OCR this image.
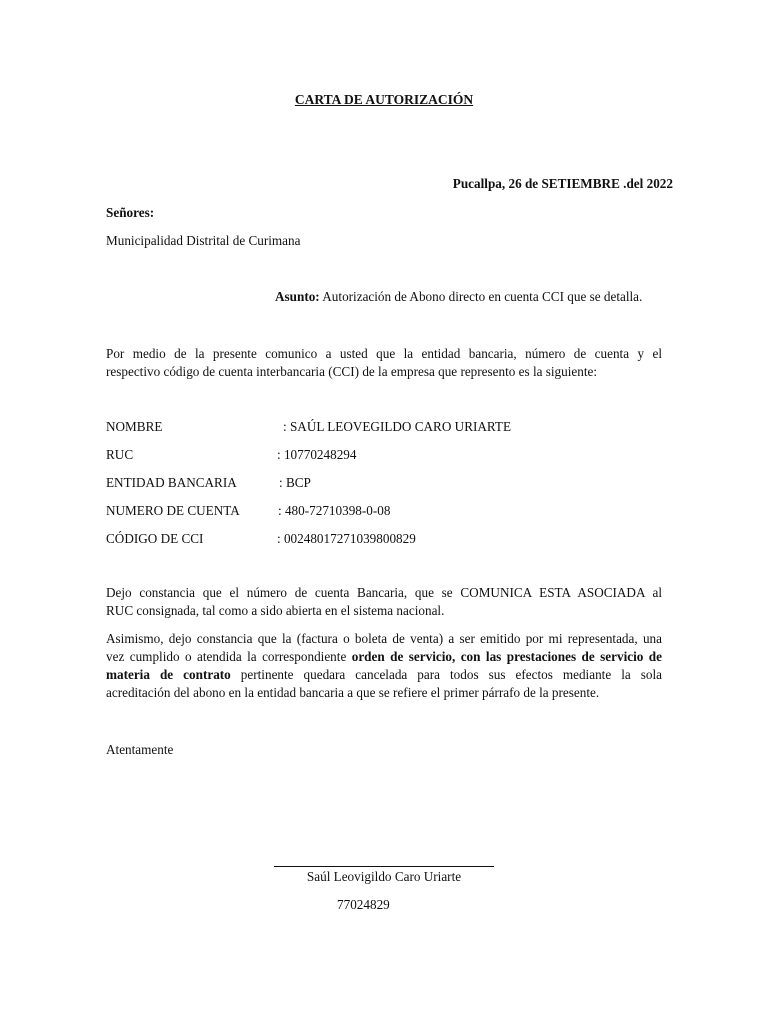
CARTA DE AUTORIZACIÓN
Pucallpa, 26 de SETIEMBRE .del 2022
Señores:
Municipalidad Distrital de Curimana
Asunto: Autorización de Abono directo en cuenta CCI que se detalla.
Por medio de la presente comunico a usted que la entidad bancaria, número de cuenta y el
respectivo código de cuenta interbancaria (CCI) de la empresa que represento es la siguiente:
NOMBRE	: SAÚL LEOVEGILDO CARO URIARTE
RUC	: 10770248294
ENTIDAD BANCARIA	: BCP
NUMERO DE CUENTA	: 480-72710398-0-08
CÓDIGO DE CCI	: 00248017271039800829
Dejo constancia que el número de cuenta Bancaria, que se COMUNICA ESTA ASOCIADA al
RUC consignada, tal como a sido abierta en el sistema nacional.
Asimismo, dejo constancia que la (factura o boleta de venta) a ser emitido por mi representada, una
vez cumplido o atendida la correspondiente orden de servicio, con las prestaciones de servicio de
materia de contrato pertinente quedara cancelada para todos sus efectos mediante la sola
acreditación del abono en la entidad bancaria a que se refiere el primer párrafo de la presente.
Atentamente
Saúl Leovigildo Caro Uriarte
77024829
